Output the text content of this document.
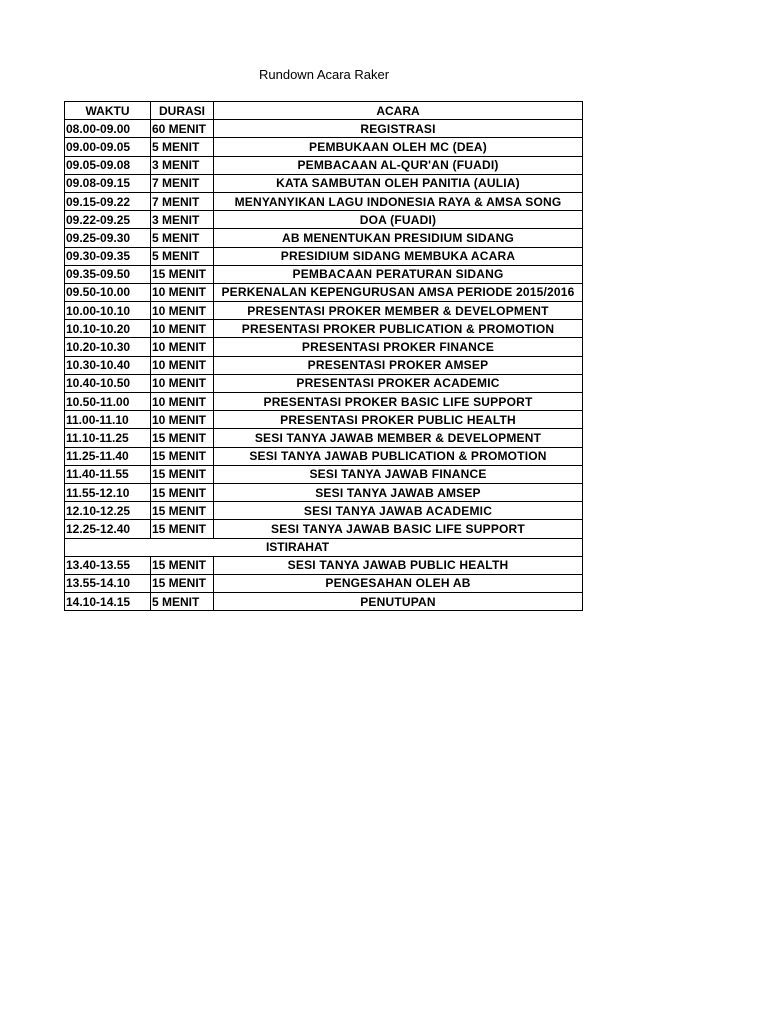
Rundown Acara Raker
WAKTU	DURASI	ACARA
08.00-09.00	60 MENIT	REGISTRASI
09.00-09.05	5 MENIT	PEMBUKAAN OLEH MC (DEA)
09.05-09.08	3 MENIT	PEMBACAAN AL-QUR'AN (FUADI)
09.08-09.15	7 MENIT	KATA SAMBUTAN OLEH PANITIA (AULIA)
09.15-09.22	7 MENIT	MENYANYIKAN LAGU INDONESIA RAYA & AMSA SONG
09.22-09.25	3 MENIT	DOA (FUADI)
09.25-09.30	5 MENIT	AB MENENTUKAN PRESIDIUM SIDANG
09.30-09.35	5 MENIT	PRESIDIUM SIDANG MEMBUKA ACARA
09.35-09.50	15 MENIT	PEMBACAAN PERATURAN SIDANG
09.50-10.00	10 MENIT	PERKENALAN KEPENGURUSAN AMSA PERIODE 2015/2016
10.00-10.10	10 MENIT	PRESENTASI PROKER MEMBER & DEVELOPMENT
10.10-10.20	10 MENIT	PRESENTASI PROKER PUBLICATION & PROMOTION
10.20-10.30	10 MENIT	PRESENTASI PROKER FINANCE
10.30-10.40	10 MENIT	PRESENTASI PROKER AMSEP
10.40-10.50	10 MENIT	PRESENTASI PROKER ACADEMIC
10.50-11.00	10 MENIT	PRESENTASI PROKER BASIC LIFE SUPPORT
11.00-11.10	10 MENIT	PRESENTASI PROKER PUBLIC HEALTH
11.10-11.25	15 MENIT	SESI TANYA JAWAB MEMBER & DEVELOPMENT
11.25-11.40	15 MENIT	SESI TANYA JAWAB PUBLICATION & PROMOTION
11.40-11.55	15 MENIT	SESI TANYA JAWAB FINANCE
11.55-12.10	15 MENIT	SESI TANYA JAWAB AMSEP
12.10-12.25	15 MENIT	SESI TANYA JAWAB ACADEMIC
12.25-12.40	15 MENIT	SESI TANYA JAWAB BASIC LIFE SUPPORT
ISTIRAHAT		
13.40-13.55	15 MENIT	SESI TANYA JAWAB PUBLIC HEALTH
13.55-14.10	15 MENIT	PENGESAHAN OLEH AB
14.10-14.15	5 MENIT	PENUTUPAN
